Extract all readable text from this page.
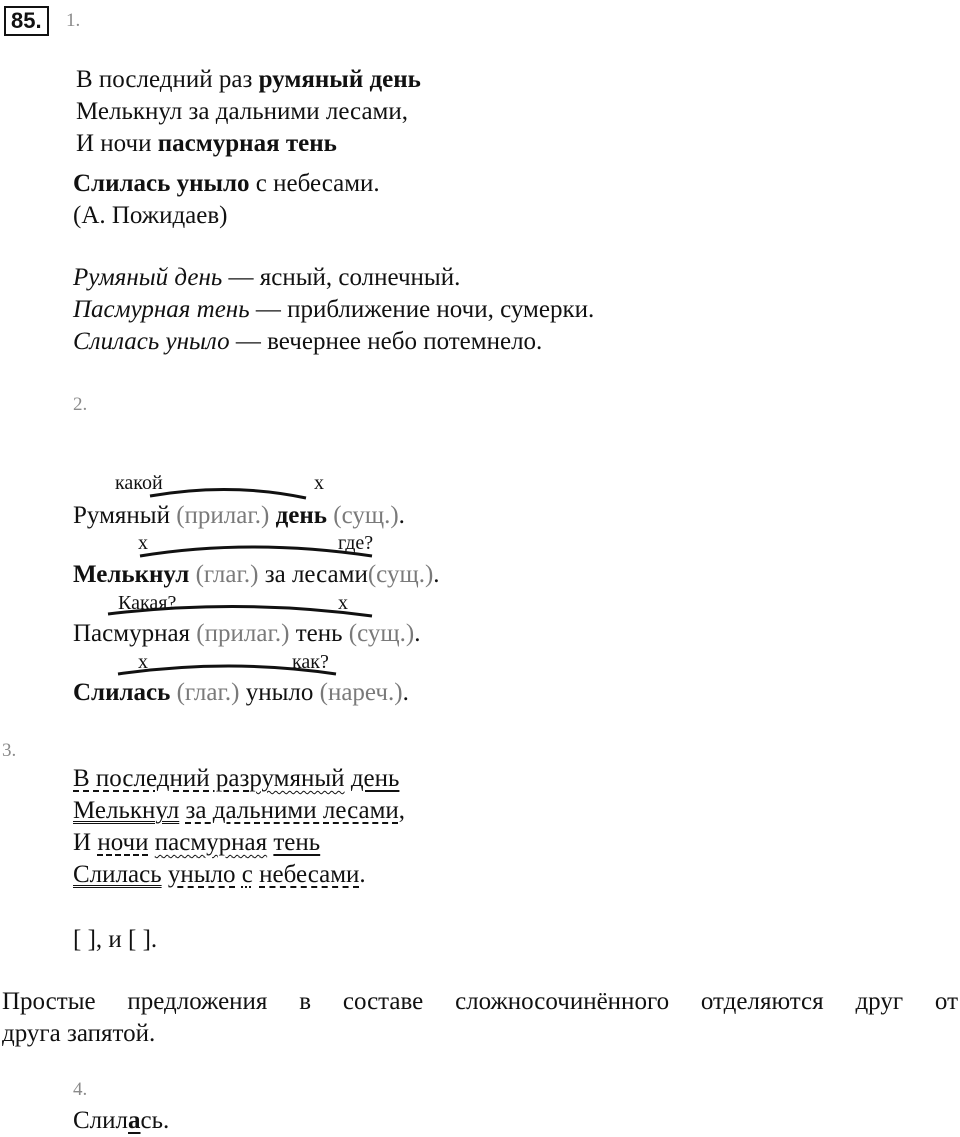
85.	1.
В последний раз румяный день
Мелькнул за дальними лесами,
И ночи пасмурная тень
Слилась уныло с небесами.
(А. Пожидаев)
Румяный день — ясный, солнечный.
Пасмурная тень — приближение ночи, сумерки.
Слилась уныло — вечернее небо потемнело.
2.
какой	x
Румяный (прилаг.) день (сущ.).
x	где?
Мелькнул (глаг.) за лесами(сущ.).
Какая?	x
Пасмурная (прилаг.) тень (сущ.).
x	как?
Слилась (глаг.) уныло (нареч.).
3.
В последний разрумяный день
Мелькнул за дальними лесами,
И ночи пасмурная тень
Слилась уныло с небесами.
[ ], и [ ].
Простые предложения в составе сложносочинённого отделяются друг от
друга запятой.
4.
Слилась.
